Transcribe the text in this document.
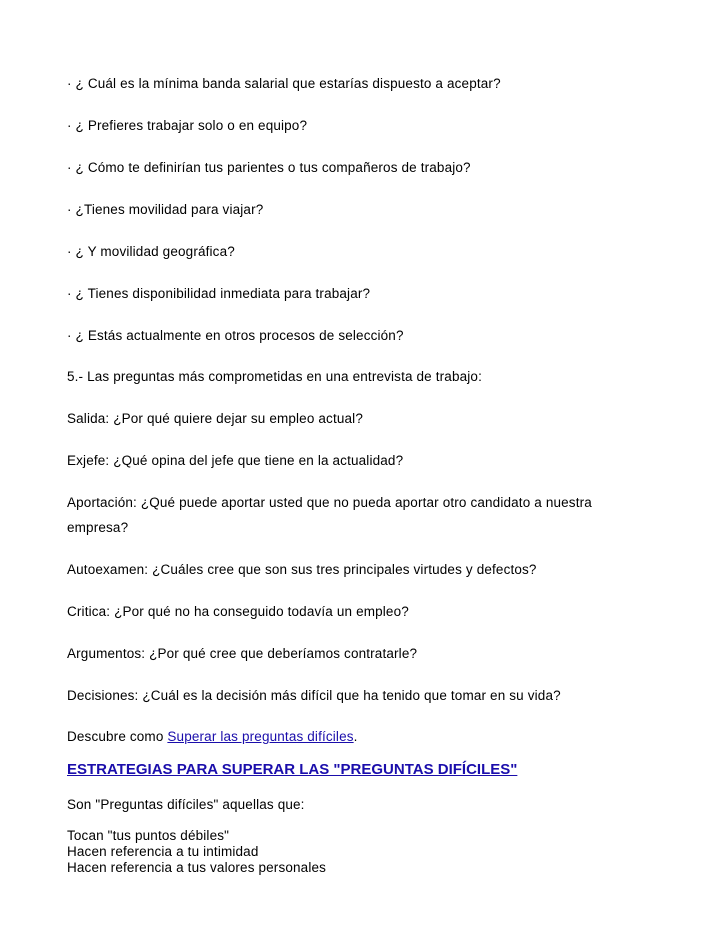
· ¿ Cuál es la mínima banda salarial que estarías dispuesto a aceptar?
· ¿ Prefieres trabajar solo o en equipo?
· ¿ Cómo te definirían tus parientes o tus compañeros de trabajo?
· ¿Tienes movilidad para viajar?
· ¿ Y movilidad geográfica?
· ¿ Tienes disponibilidad inmediata para trabajar?
· ¿ Estás actualmente en otros procesos de selección?
5.- Las preguntas más comprometidas en una entrevista de trabajo:
Salida: ¿Por qué quiere dejar su empleo actual?
Exjefe: ¿Qué opina del jefe que tiene en la actualidad?
Aportación: ¿Qué puede aportar usted que no pueda aportar otro candidato a nuestra
empresa?
Autoexamen: ¿Cuáles cree que son sus tres principales virtudes y defectos?
Critica: ¿Por qué no ha conseguido todavía un empleo?
Argumentos: ¿Por qué cree que deberíamos contratarle?
Decisiones: ¿Cuál es la decisión más difícil que ha tenido que tomar en su vida?
Descubre como Superar las preguntas difíciles.
ESTRATEGIAS PARA SUPERAR LAS "PREGUNTAS DIFÍCILES"
Son "Preguntas difíciles" aquellas que:
Tocan "tus puntos débiles"
Hacen referencia a tu intimidad
Hacen referencia a tus valores personales
